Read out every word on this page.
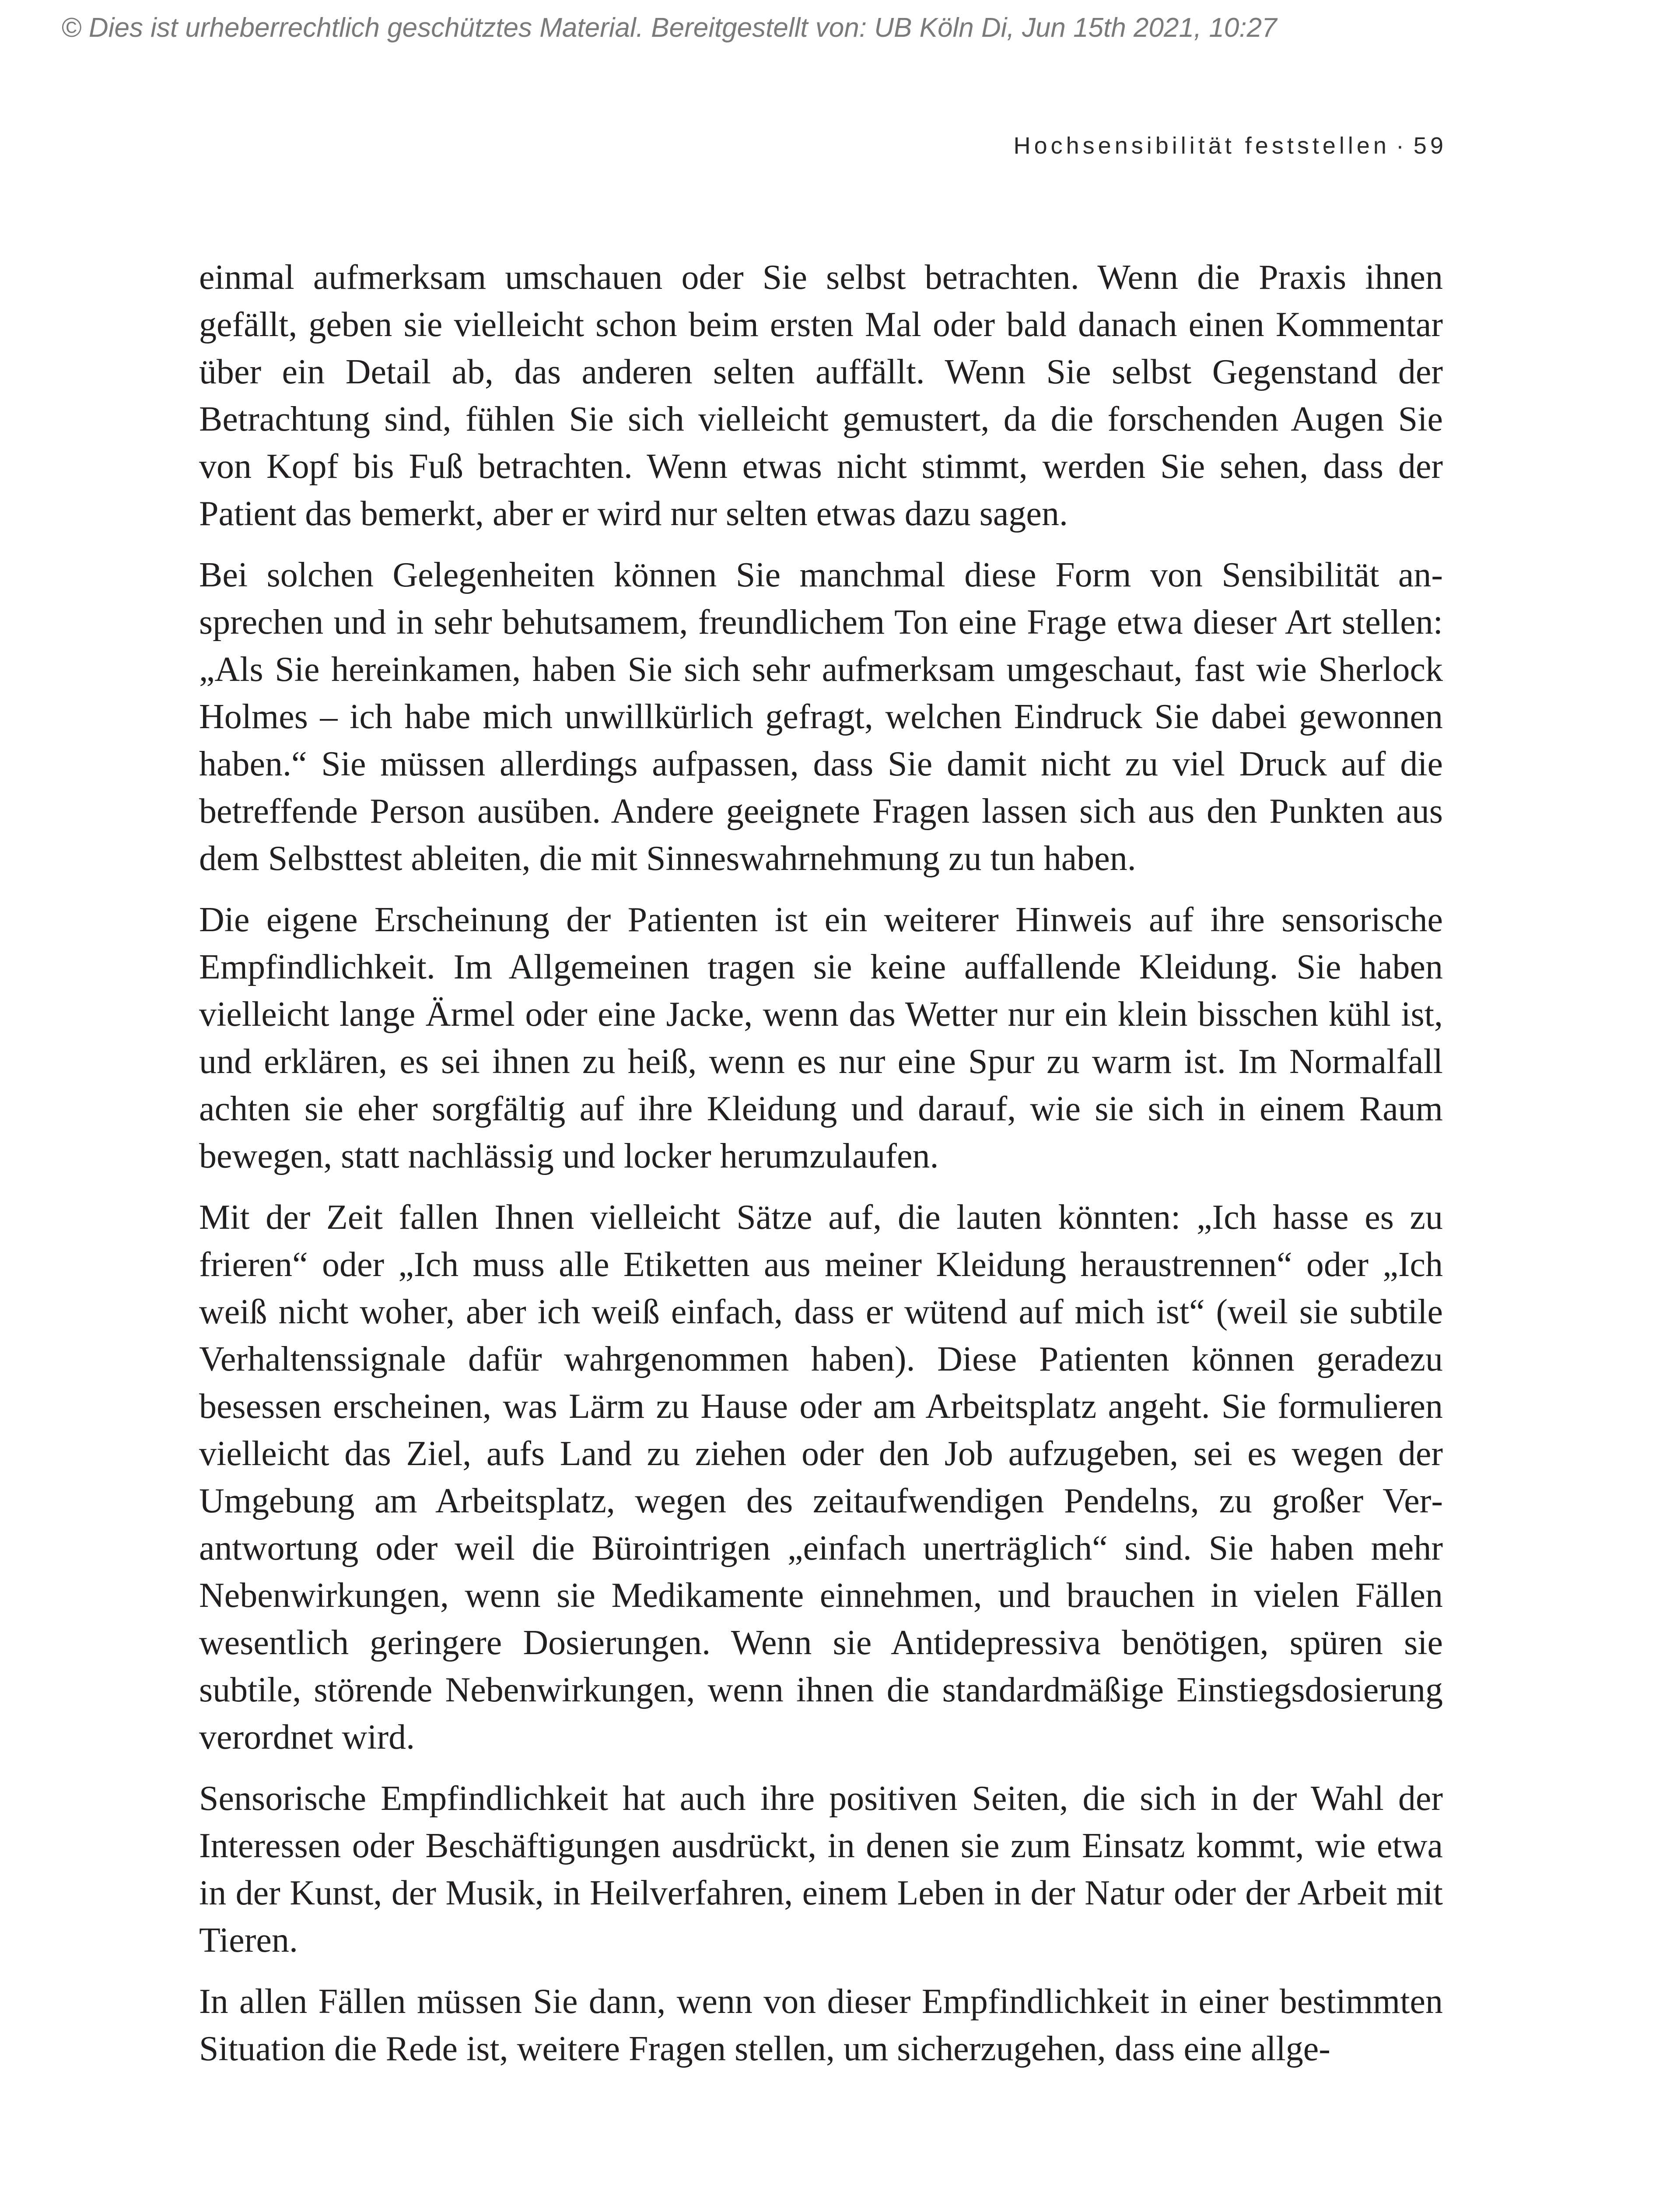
© Dies ist urheberrechtlich geschütztes Material. Bereitgestellt von: UB Köln Di, Jun 15th 2021, 10:27
Hochsensibilität feststellen · 59

einmal aufmerksam umschauen oder Sie selbst betrachten. Wenn die Praxis ihnen gefällt, geben sie vielleicht schon beim ersten Mal oder bald danach einen Kommentar über ein Detail ab, das anderen selten auffällt. Wenn Sie selbst Gegenstand der Betrachtung sind, fühlen Sie sich vielleicht gemustert, da die forschenden Augen Sie von Kopf bis Fuß betrachten. Wenn etwas nicht stimmt, werden Sie sehen, dass der Patient das bemerkt, aber er wird nur selten etwas dazu sagen.

Bei solchen Gelegenheiten können Sie manchmal diese Form von Sensibilität ansprechen und in sehr behutsamem, freundlichem Ton eine Frage etwa dieser Art stellen: „Als Sie hereinkamen, haben Sie sich sehr aufmerksam umgeschaut, fast wie Sherlock Holmes – ich habe mich unwillkürlich gefragt, welchen Eindruck Sie dabei gewonnen haben.“ Sie müssen allerdings aufpassen, dass Sie damit nicht zu viel Druck auf die betreffende Person ausüben. Andere geeignete Fragen lassen sich aus den Punkten aus dem Selbsttest ableiten, die mit Sinneswahrnehmung zu tun haben.

Die eigene Erscheinung der Patienten ist ein weiterer Hinweis auf ihre sensorische Empfindlichkeit. Im Allgemeinen tragen sie keine auffallende Kleidung. Sie haben vielleicht lange Ärmel oder eine Jacke, wenn das Wetter nur ein klein bisschen kühl ist, und erklären, es sei ihnen zu heiß, wenn es nur eine Spur zu warm ist. Im Normalfall achten sie eher sorgfältig auf ihre Kleidung und darauf, wie sie sich in einem Raum bewegen, statt nachlässig und locker herumzulaufen.

Mit der Zeit fallen Ihnen vielleicht Sätze auf, die lauten könnten: „Ich hasse es zu frieren“ oder „Ich muss alle Etiketten aus meiner Kleidung heraustrennen“ oder „Ich weiß nicht woher, aber ich weiß einfach, dass er wütend auf mich ist“ (weil sie subtile Verhaltenssignale dafür wahrgenommen haben). Diese Patienten können geradezu besessen erscheinen, was Lärm zu Hause oder am Arbeitsplatz angeht. Sie formulieren vielleicht das Ziel, aufs Land zu ziehen oder den Job aufzugeben, sei es wegen der Umgebung am Arbeitsplatz, wegen des zeitaufwendigen Pendelns, zu großer Verantwortung oder weil die Bürointrigen „einfach unerträglich“ sind. Sie haben mehr Nebenwirkungen, wenn sie Medikamente einnehmen, und brauchen in vielen Fällen wesentlich geringere Dosierungen. Wenn sie Antidepressiva benötigen, spüren sie subtile, störende Nebenwirkungen, wenn ihnen die standardmäßige Einstiegsdosierung verordnet wird.

Sensorische Empfindlichkeit hat auch ihre positiven Seiten, die sich in der Wahl der Interessen oder Beschäftigungen ausdrückt, in denen sie zum Einsatz kommt, wie etwa in der Kunst, der Musik, in Heilverfahren, einem Leben in der Natur oder der Arbeit mit Tieren.

In allen Fällen müssen Sie dann, wenn von dieser Empfindlichkeit in einer bestimmten Situation die Rede ist, weitere Fragen stellen, um sicherzugehen, dass eine allge-
